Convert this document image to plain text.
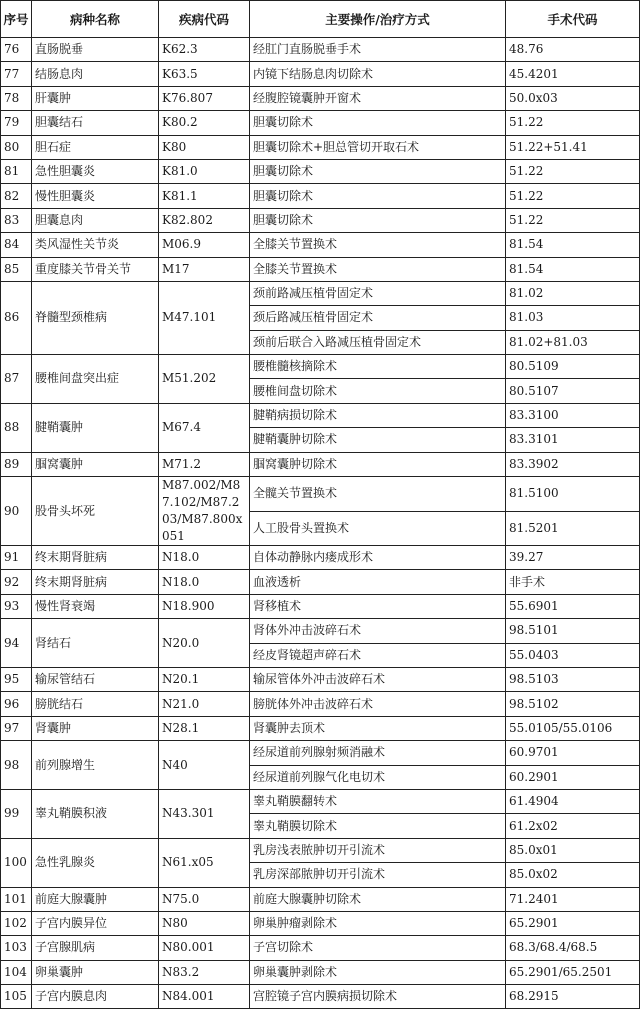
序号	病种名称	疾病代码	主要操作/治疗方式	手术代码
76	直肠脱垂	K62.3	经肛门直肠脱垂手术	48.76
77	结肠息肉	K63.5	内镜下结肠息肉切除术	45.4201
78	肝囊肿	K76.807	经腹腔镜囊肿开窗术	50.0x03
79	胆囊结石	K80.2	胆囊切除术	51.22
80	胆石症	K80	胆囊切除术+胆总管切开取石术	51.22+51.41
81	急性胆囊炎	K81.0	胆囊切除术	51.22
82	慢性胆囊炎	K81.1	胆囊切除术	51.22
83	胆囊息肉	K82.802	胆囊切除术	51.22
84	类风湿性关节炎	M06.9	全膝关节置换术	81.54
85	重度膝关节骨关节	M17	全膝关节置换术	81.54
86	脊髓型颈椎病	M47.101	颈前路减压植骨固定术	81.02
			颈后路减压植骨固定术	81.03
			颈前后联合入路减压植骨固定术	81.02+81.03
87	腰椎间盘突出症	M51.202	腰椎髓核摘除术	80.5109
			腰椎间盘切除术	80.5107
88	腱鞘囊肿	M67.4	腱鞘病损切除术	83.3100
			腱鞘囊肿切除术	83.3101
89	腘窝囊肿	M71.2	腘窝囊肿切除术	83.3902
90	股骨头坏死	M87.002/M87.102/M87.203/M87.800x051	全髋关节置换术	81.5100
			人工股骨头置换术	81.5201
91	终末期肾脏病	N18.0	自体动静脉内瘘成形术	39.27
92	终末期肾脏病	N18.0	血液透析	非手术
93	慢性肾衰竭	N18.900	肾移植术	55.6901
94	肾结石	N20.0	肾体外冲击波碎石术	98.5101
			经皮肾镜超声碎石术	55.0403
95	输尿管结石	N20.1	输尿管体外冲击波碎石术	98.5103
96	膀胱结石	N21.0	膀胱体外冲击波碎石术	98.5102
97	肾囊肿	N28.1	肾囊肿去顶术	55.0105/55.0106
98	前列腺增生	N40	经尿道前列腺射频消融术	60.9701
			经尿道前列腺气化电切术	60.2901
99	睾丸鞘膜积液	N43.301	睾丸鞘膜翻转术	61.4904
			睾丸鞘膜切除术	61.2x02
100	急性乳腺炎	N61.x05	乳房浅表脓肿切开引流术	85.0x01
			乳房深部脓肿切开引流术	85.0x02
101	前庭大腺囊肿	N75.0	前庭大腺囊肿切除术	71.2401
102	子宫内膜异位	N80	卵巢肿瘤剥除术	65.2901
103	子宫腺肌病	N80.001	子宫切除术	68.3/68.4/68.5
104	卵巢囊肿	N83.2	卵巢囊肿剥除术	65.2901/65.2501
105	子宫内膜息肉	N84.001	宫腔镜子宫内膜病损切除术	68.2915
